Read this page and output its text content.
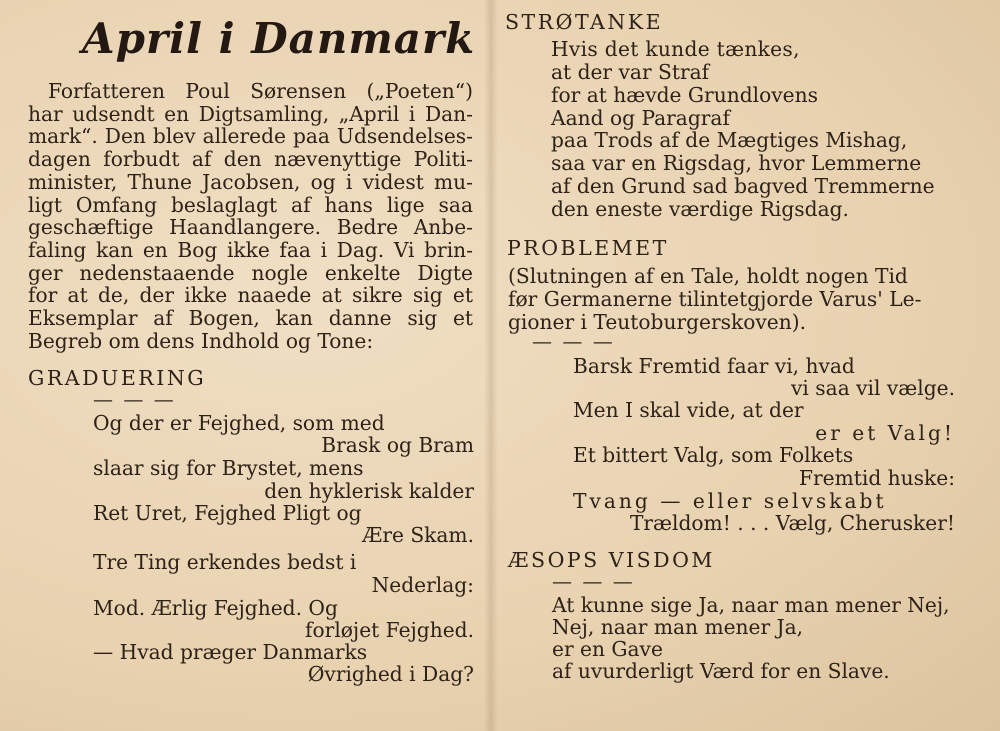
April i Danmark
Forfatteren Poul Sørensen („Poeten“)
har udsendt en Digtsamling, „April i Dan-
mark“. Den blev allerede paa Udsendelses-
dagen forbudt af den nævenyttige Politi-
minister, Thune Jacobsen, og i videst mu-
ligt Omfang beslaglagt af hans lige saa
geschæftige Haandlangere. Bedre Anbe-
faling kan en Bog ikke faa i Dag. Vi brin-
ger nedenstaaende nogle enkelte Digte
for at de, der ikke naaede at sikre sig et
Eksemplar af Bogen, kan danne sig et
Begreb om dens Indhold og Tone:
GRADUERING
— — —
Og der er Fejghed, som med
Brask og Bram
slaar sig for Brystet, mens
den hyklerisk kalder
Ret Uret, Fejghed Pligt og
Ære Skam.
Tre Ting erkendes bedst i
Nederlag:
Mod. Ærlig Fejghed. Og
forløjet Fejghed.
— Hvad præger Danmarks
Øvrighed i Dag?
STRØTANKE
Hvis det kunde tænkes,
at der var Straf
for at hævde Grundlovens
Aand og Paragraf
paa Trods af de Mægtiges Mishag,
saa var en Rigsdag, hvor Lemmerne
af den Grund sad bagved Tremmerne
den eneste værdige Rigsdag.
PROBLEMET
(Slutningen af en Tale, holdt nogen Tid
før Germanerne tilintetgjorde Varus' Le-
gioner i Teutoburgerskoven).
— — —
Barsk Fremtid faar vi, hvad
vi saa vil vælge.
Men I skal vide, at der
er et Valg!
Et bittert Valg, som Folkets
Fremtid huske:
Tvang — eller selvskabt
Trældom! . . . Vælg, Cherusker!
ÆSOPS VISDOM
— — —
At kunne sige Ja, naar man mener Nej,
Nej, naar man mener Ja,
er en Gave
af uvurderligt Værd for en Slave.
